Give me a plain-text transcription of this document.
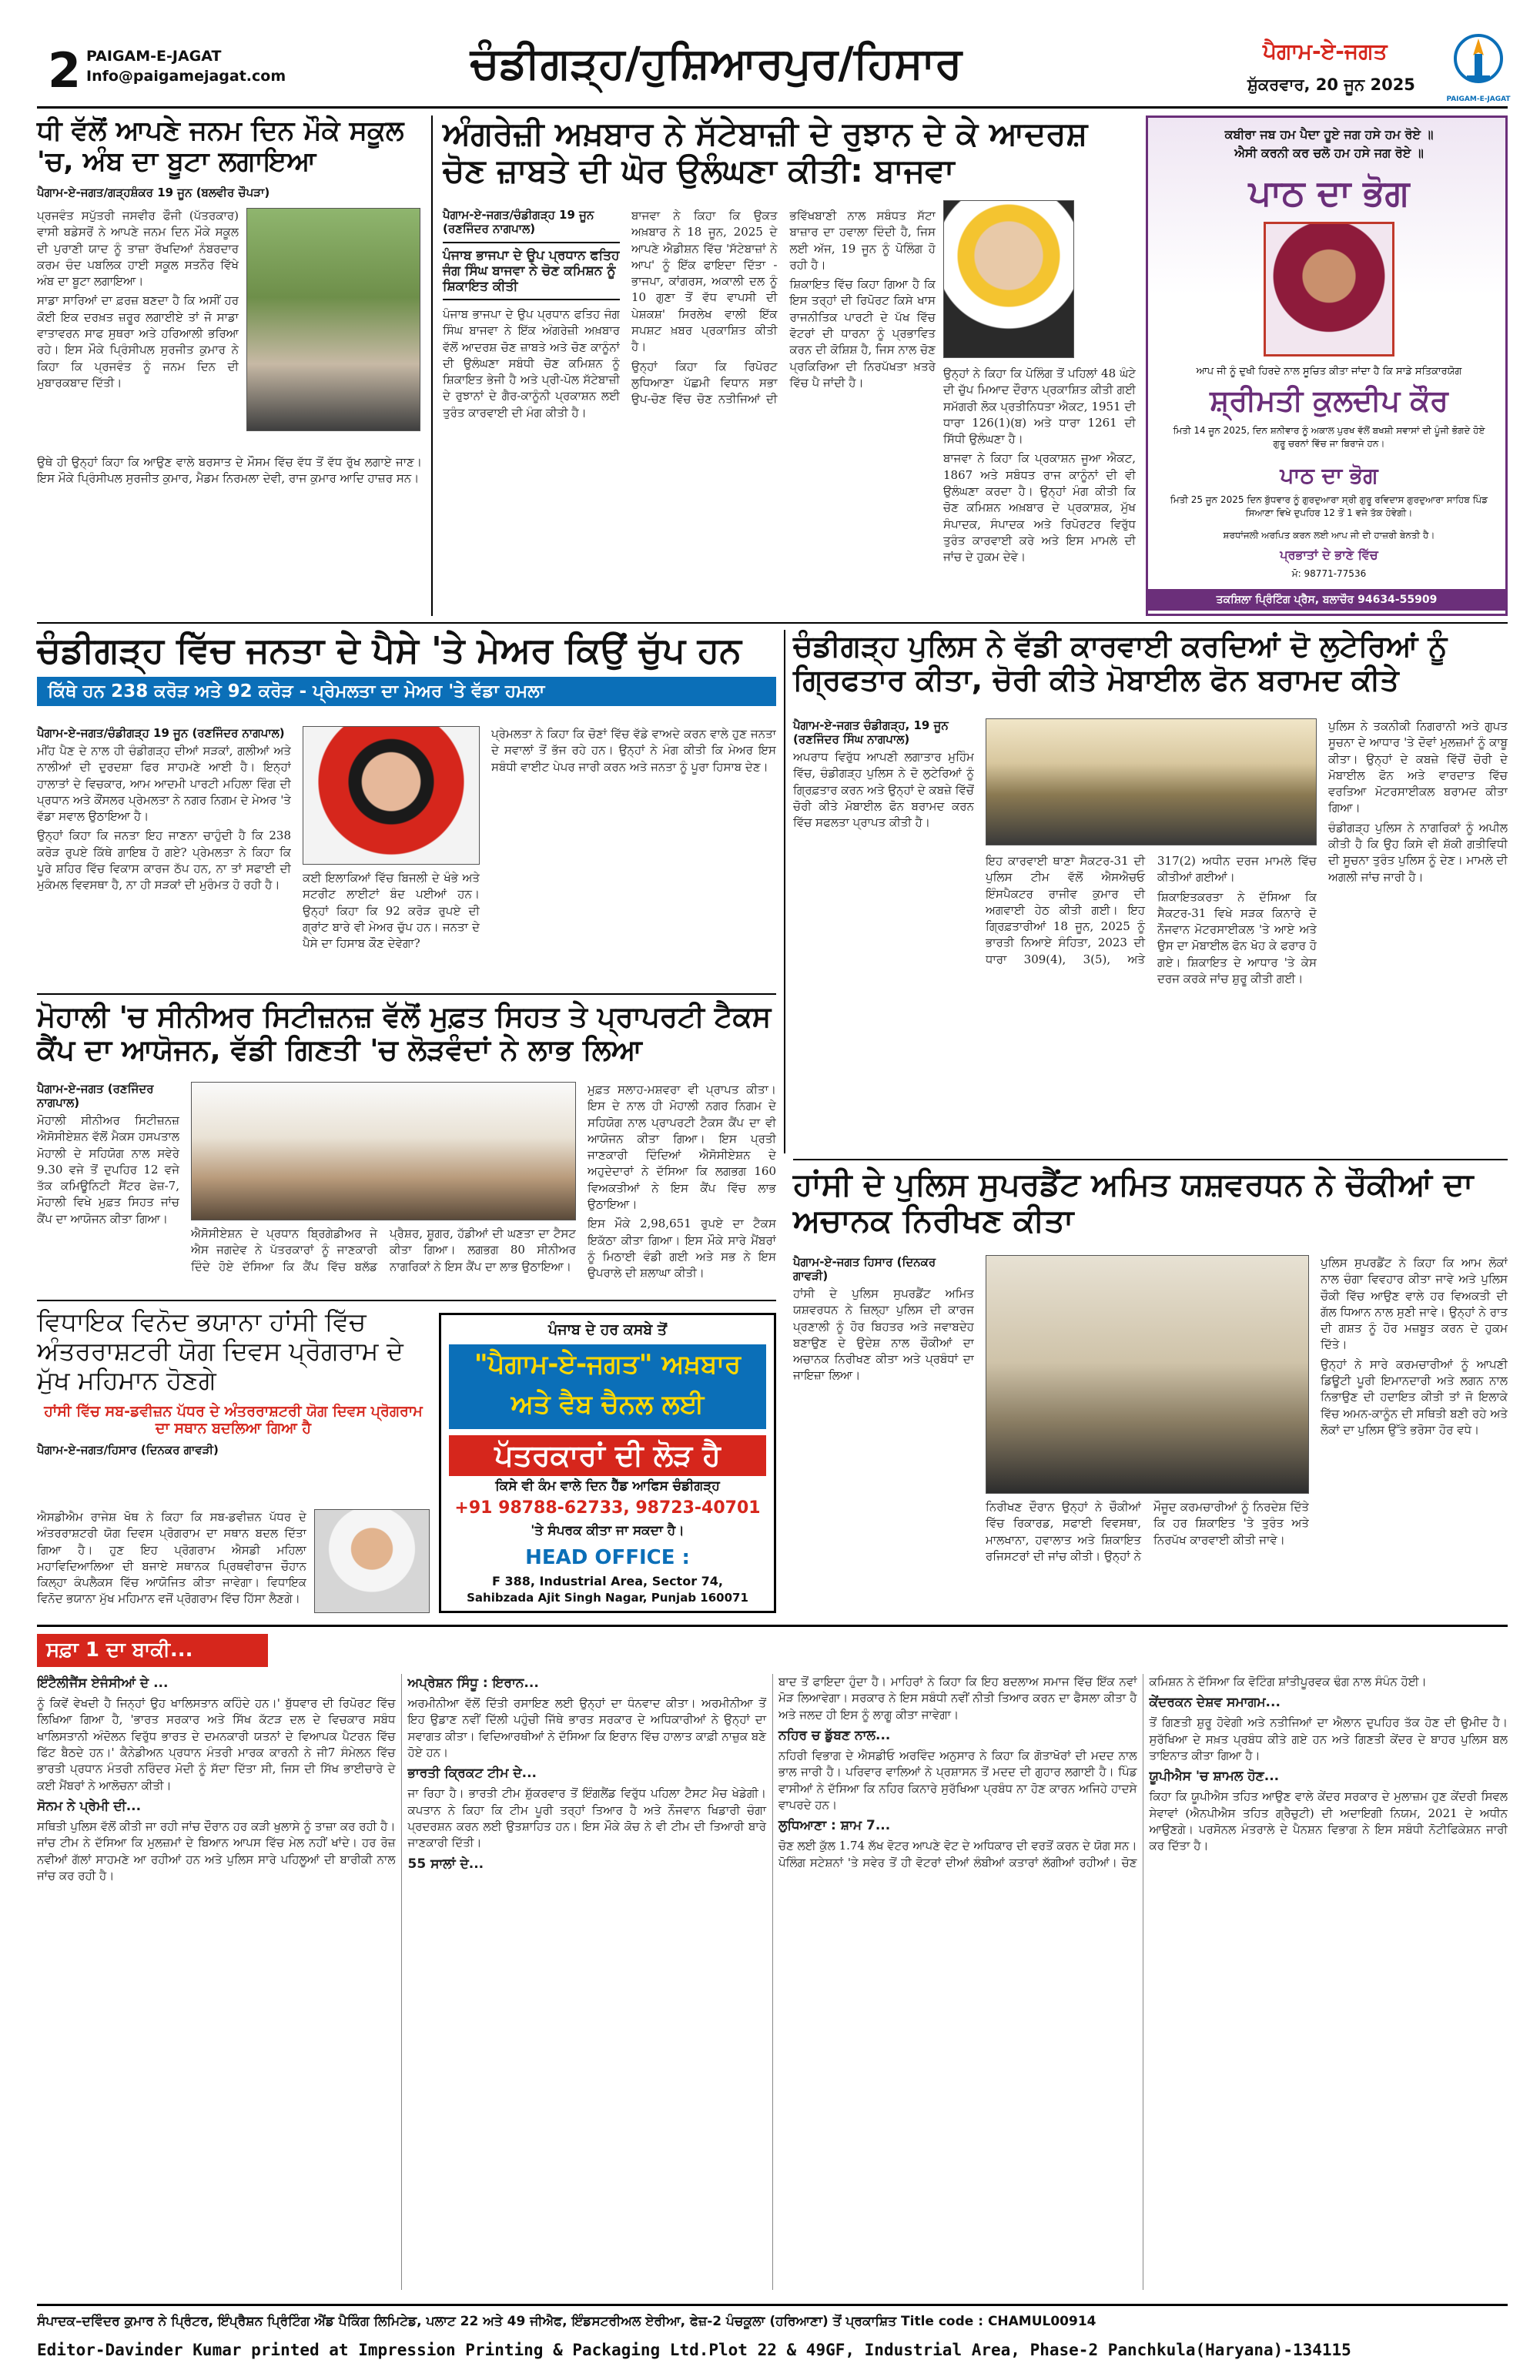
2 PAIGAM-E-JAGAT
Info@paigamejagat.com	ਚੰਡੀਗੜ੍ਹ/ਹੁਸ਼ਿਆਰਪੁਰ/ਹਿਸਾਰ	ਪੈਗਾਮ-ਏ-ਜਗਤ
PAIGAM-E-JAGAT
ਸ਼ੁੱਕਰਵਾਰ, 20 ਜੂਨ 2025
ਧੀ ਵੱਲੋਂ ਆਪਣੇ ਜਨਮ ਦਿਨ ਮੌਕੇ ਸਕੂਲ 'ਚ, ਅੰਬ ਦਾ ਬੂਟਾ ਲਗਾਇਆ
ਪੈਗਾਮ-ਏ-ਜਗਤ/ਗੜ੍ਹਸ਼ੰਕਰ 19 ਜੂਨ (ਬਲਵੀਰ ਚੌਪੜਾ)

ਪ੍ਰਜਵੰਤ ਸਪੁੱਤਰੀ ਜਸਵੀਰ ਫੌਜੀ (ਪੱਤਰਕਾਰ) ਵਾਸੀ ਬਡੇਸਰੋਂ ਨੇ ਆਪਣੇ ਜਨਮ ਦਿਨ ਮੌਕੇ ਸਕੂਲ ਦੀ ਪੁਰਾਣੀ ਯਾਦ ਨੂੰ ਤਾਜ਼ਾ ਰੱਖਦਿਆਂ ਨੰਬਰਦਾਰ ਕਰਮ ਚੰਦ ਪਬਲਿਕ ਹਾਈ ਸਕੂਲ ਸਤਨੌਰ ਵਿੱਖੇ ਅੰਬ ਦਾ ਬੂਟਾ ਲਗਾਇਆ।

ਸਾਡਾ ਸਾਰਿਆਂ ਦਾ ਫ਼ਰਜ਼ ਬਣਦਾ ਹੈ ਕਿ ਅਸੀਂ ਹਰ ਕੋਈ ਇਕ ਦਰਖ਼ਤ ਜ਼ਰੂਰ ਲਗਾਈਏ ਤਾਂ ਜੋ ਸਾਡਾ ਵਾਤਾਵਰਨ ਸਾਫ ਸੁਥਰਾ ਅਤੇ ਹਰਿਆਲੀ ਭਰਿਆ ਰਹੇ। ਇਸ ਮੌਕੇ ਪ੍ਰਿੰਸੀਪਲ ਸੁਰਜੀਤ ਕੁਮਾਰ ਨੇ ਕਿਹਾ ਕਿ ਪ੍ਰਜਵੰਤ ਨੂੰ ਜਨਮ ਦਿਨ ਦੀ ਮੁਬਾਰਕਬਾਦ ਦਿੱਤੀ।

ਉਥੇ ਹੀ ਉਨ੍ਹਾਂ ਕਿਹਾ ਕਿ ਆਉਣ ਵਾਲੇ ਬਰਸਾਤ ਦੇ ਮੌਸਮ ਵਿੱਚ ਵੱਧ ਤੋਂ ਵੱਧ ਰੁੱਖ ਲਗਾਏ ਜਾਣ। ਇਸ ਮੌਕੇ ਪ੍ਰਿੰਸੀਪਲ ਸੁਰਜੀਤ ਕੁਮਾਰ, ਮੈਡਮ ਨਿਰਮਲਾ ਦੇਵੀ, ਰਾਜ ਕੁਮਾਰ ਆਦਿ ਹਾਜ਼ਰ ਸਨ।

ਅੰਗਰੇਜ਼ੀ ਅਖ਼ਬਾਰ ਨੇ ਸੱਟੇਬਾਜ਼ੀ ਦੇ ਰੁਝਾਨ ਦੇ ਕੇ ਆਦਰਸ਼ ਚੋਣ ਜ਼ਾਬਤੇ ਦੀ ਘੋਰ ਉਲੰਘਣਾ ਕੀਤੀ: ਬਾਜਵਾ
ਪੈਗਾਮ-ਏ-ਜਗਤ/ਚੰਡੀਗੜ੍ਹ 19 ਜੂਨ (ਰਣਜਿੰਦਰ ਨਾਗਪਾਲ)
ਪੰਜਾਬ ਭਾਜਪਾ ਦੇ ਉਪ ਪ੍ਰਧਾਨ ਫਤਿਹ ਜੰਗ ਸਿੰਘ ਬਾਜਵਾ ਨੇ ਚੋਣ ਕਮਿਸ਼ਨ ਨੂੰ ਸ਼ਿਕਾਇਤ ਕੀਤੀ

ਪੰਜਾਬ ਭਾਜਪਾ ਦੇ ਉਪ ਪ੍ਰਧਾਨ ਫਤਿਹ ਜੰਗ ਸਿੰਘ ਬਾਜਵਾ ਨੇ ਇੱਕ ਅੰਗਰੇਜ਼ੀ ਅਖ਼ਬਾਰ ਵੱਲੋਂ ਆਦਰਸ਼ ਚੋਣ ਜ਼ਾਬਤੇ ਅਤੇ ਚੋਣ ਕਾਨੂੰਨਾਂ ਦੀ ਉਲੰਘਣਾ ਸਬੰਧੀ ਚੋਣ ਕਮਿਸ਼ਨ ਨੂੰ ਸ਼ਿਕਾਇਤ ਭੇਜੀ ਹੈ ਅਤੇ ਪ੍ਰੀ-ਪੋਲ ਸੱਟੇਬਾਜ਼ੀ ਦੇ ਰੁਝਾਨਾਂ ਦੇ ਗੈਰ-ਕਾਨੂੰਨੀ ਪ੍ਰਕਾਸ਼ਨ ਲਈ ਤੁਰੰਤ ਕਾਰਵਾਈ ਦੀ ਮੰਗ ਕੀਤੀ ਹੈ।

ਬਾਜਵਾ ਨੇ ਕਿਹਾ ਕਿ ਉਕਤ ਅਖ਼ਬਾਰ ਨੇ 18 ਜੂਨ, 2025 ਦੇ ਆਪਣੇ ਐਡੀਸ਼ਨ ਵਿੱਚ 'ਸੱਟੇਬਾਜ਼ਾਂ ਨੇ ਆਪ' ਨੂੰ ਇੱਕ ਫਾਇਦਾ ਦਿੱਤਾ - ਭਾਜਪਾ, ਕਾਂਗਰਸ, ਅਕਾਲੀ ਦਲ ਨੂੰ 10 ਗੁਣਾ ਤੋਂ ਵੱਧ ਵਾਪਸੀ ਦੀ ਪੇਸ਼ਕਸ਼' ਸਿਰਲੇਖ ਵਾਲੀ ਇੱਕ ਸਪਸ਼ਟ ਖ਼ਬਰ ਪ੍ਰਕਾਸ਼ਿਤ ਕੀਤੀ ਹੈ।

ਉਨ੍ਹਾਂ ਕਿਹਾ ਕਿ ਰਿਪੋਰਟ ਲੁਧਿਆਣਾ ਪੱਛਮੀ ਵਿਧਾਨ ਸਭਾ ਉਪ-ਚੋਣ ਵਿੱਚ ਚੋਣ ਨਤੀਜਿਆਂ ਦੀ ਭਵਿੱਖਬਾਣੀ ਨਾਲ ਸਬੰਧਤ ਸੱਟਾ ਬਾਜ਼ਾਰ ਦਾ ਹਵਾਲਾ ਦਿੰਦੀ ਹੈ, ਜਿਸ ਲਈ ਅੱਜ, 19 ਜੂਨ ਨੂੰ ਪੋਲਿੰਗ ਹੋ ਰਹੀ ਹੈ।

ਸ਼ਿਕਾਇਤ ਵਿੱਚ ਕਿਹਾ ਗਿਆ ਹੈ ਕਿ ਇਸ ਤਰ੍ਹਾਂ ਦੀ ਰਿਪੋਰਟ ਕਿਸੇ ਖਾਸ ਰਾਜਨੀਤਿਕ ਪਾਰਟੀ ਦੇ ਪੱਖ ਵਿੱਚ ਵੋਟਰਾਂ ਦੀ ਧਾਰਨਾ ਨੂੰ ਪ੍ਰਭਾਵਿਤ ਕਰਨ ਦੀ ਕੋਸ਼ਿਸ਼ ਹੈ, ਜਿਸ ਨਾਲ ਚੋਣ ਪ੍ਰਕਿਰਿਆ ਦੀ ਨਿਰਪੱਖਤਾ ਖ਼ਤਰੇ ਵਿੱਚ ਪੈ ਜਾਂਦੀ ਹੈ।

ਉਨ੍ਹਾਂ ਨੇ ਕਿਹਾ ਕਿ ਪੋਲਿੰਗ ਤੋਂ ਪਹਿਲਾਂ 48 ਘੰਟੇ ਦੀ ਚੁੱਪ ਮਿਆਦ ਦੌਰਾਨ ਪ੍ਰਕਾਸ਼ਿਤ ਕੀਤੀ ਗਈ ਸਮੱਗਰੀ ਲੋਕ ਪ੍ਰਤੀਨਿਧਤਾ ਐਕਟ, 1951 ਦੀ ਧਾਰਾ 126(1)(ਬ) ਅਤੇ ਧਾਰਾ 1261 ਦੀ ਸਿੱਧੀ ਉਲੰਘਣਾ ਹੈ।

ਬਾਜਵਾ ਨੇ ਕਿਹਾ ਕਿ ਪ੍ਰਕਾਸ਼ਨ ਜੂਆ ਐਕਟ, 1867 ਅਤੇ ਸਬੰਧਤ ਰਾਜ ਕਾਨੂੰਨਾਂ ਦੀ ਵੀ ਉਲੰਘਣਾ ਕਰਦਾ ਹੈ। ਉਨ੍ਹਾਂ ਮੰਗ ਕੀਤੀ ਕਿ ਚੋਣ ਕਮਿਸ਼ਨ ਅਖ਼ਬਾਰ ਦੇ ਪ੍ਰਕਾਸ਼ਕ, ਮੁੱਖ ਸੰਪਾਦਕ, ਸੰਪਾਦਕ ਅਤੇ ਰਿਪੋਰਟਰ ਵਿਰੁੱਧ ਤੁਰੰਤ ਕਾਰਵਾਈ ਕਰੇ ਅਤੇ ਇਸ ਮਾਮਲੇ ਦੀ ਜਾਂਚ ਦੇ ਹੁਕਮ ਦੇਵੇ।

ਕਬੀਰਾ ਜਬ ਹਮ ਪੈਦਾ ਹੂਏ ਜਗ ਹਸੇ ਹਮ ਰੋਏ ॥
ਐਸੀ ਕਰਨੀ ਕਰ ਚਲੋ ਹਮ ਹਸੇ ਜਗ ਰੋਏ ॥
ਪਾਠ ਦਾ ਭੋਗ
ਆਪ ਜੀ ਨੂੰ ਦੁਖੀ ਹਿਰਦੇ ਨਾਲ ਸੂਚਿਤ ਕੀਤਾ ਜਾਂਦਾ ਹੈ ਕਿ ਸਾਡੇ ਸਤਿਕਾਰਯੋਗ
ਸ਼੍ਰੀਮਤੀ ਕੁਲਦੀਪ ਕੌਰ
ਮਿਤੀ 14 ਜੂਨ 2025, ਦਿਨ ਸ਼ਨੀਵਾਰ ਨੂੰ ਅਕਾਲ ਪੁਰਖ ਵੱਲੋਂ ਬਖਸ਼ੀ ਸਵਾਸਾਂ ਦੀ ਪੂੰਜੀ ਭੋਗਦੇ ਹੋਏ ਗੁਰੂ ਚਰਨਾਂ ਵਿੱਚ ਜਾ ਬਿਰਾਜੇ ਹਨ।
ਪਾਠ ਦਾ ਭੋਗ
ਮਿਤੀ 25 ਜੂਨ 2025 ਦਿਨ ਬੁੱਧਵਾਰ ਨੂੰ ਗੁਰਦੁਆਰਾ ਸ੍ਰੀ ਗੁਰੂ ਰਵਿਦਾਸ ਗੁਰਦੁਆਰਾ ਸਾਹਿਬ ਪਿੰਡ ਸਿਆਣਾ ਵਿਖੇ ਦੁਪਹਿਰ 12 ਤੋਂ 1 ਵਜੇ ਤੱਕ ਹੋਵੇਗੀ।
ਸ਼ਰਧਾਂਜਲੀ ਅਰਪਿਤ ਕਰਨ ਲਈ ਆਪ ਜੀ ਦੀ ਹਾਜ਼ਰੀ ਬੇਨਤੀ ਹੈ।
ਪ੍ਰਭਾਤਾਂ ਦੇ ਭਾਣੇ ਵਿੱਚ
ਮੋ: 98771-77536
ਤਕਸ਼ਿਲਾ ਪ੍ਰਿੰਟਿੰਗ ਪ੍ਰੈਸ, ਬਲਾਚੌਰ 94634-55909
ਚੰਡੀਗੜ੍ਹ ਵਿੱਚ ਜਨਤਾ ਦੇ ਪੈਸੇ 'ਤੇ ਮੇਅਰ ਕਿਉਂ ਚੁੱਪ ਹਨ
ਕਿੱਥੇ ਹਨ 238 ਕਰੋੜ ਅਤੇ 92 ਕਰੋੜ - ਪ੍ਰੇਮਲਤਾ ਦਾ ਮੇਅਰ 'ਤੇ ਵੱਡਾ ਹਮਲਾ
ਪੈਗਾਮ-ਏ-ਜਗਤ/ਚੰਡੀਗੜ੍ਹ 19 ਜੂਨ (ਰਣਜਿੰਦਰ ਨਾਗਪਾਲ)

ਮੀਂਹ ਪੈਣ ਦੇ ਨਾਲ ਹੀ ਚੰਡੀਗੜ੍ਹ ਦੀਆਂ ਸੜਕਾਂ, ਗਲੀਆਂ ਅਤੇ ਨਾਲੀਆਂ ਦੀ ਦੁਰਦਸ਼ਾ ਫਿਰ ਸਾਹਮਣੇ ਆਈ ਹੈ। ਇਨ੍ਹਾਂ ਹਾਲਾਤਾਂ ਦੇ ਵਿਚਕਾਰ, ਆਮ ਆਦਮੀ ਪਾਰਟੀ ਮਹਿਲਾ ਵਿੰਗ ਦੀ ਪ੍ਰਧਾਨ ਅਤੇ ਕੌਂਸਲਰ ਪ੍ਰੇਮਲਤਾ ਨੇ ਨਗਰ ਨਿਗਮ ਦੇ ਮੇਅਰ 'ਤੇ ਵੱਡਾ ਸਵਾਲ ਉਠਾਇਆ ਹੈ।

ਉਨ੍ਹਾਂ ਕਿਹਾ ਕਿ ਜਨਤਾ ਇਹ ਜਾਣਨਾ ਚਾਹੁੰਦੀ ਹੈ ਕਿ 238 ਕਰੋੜ ਰੁਪਏ ਕਿੱਥੇ ਗਾਇਬ ਹੋ ਗਏ? ਪ੍ਰੇਮਲਤਾ ਨੇ ਕਿਹਾ ਕਿ ਪੂਰੇ ਸ਼ਹਿਰ ਵਿੱਚ ਵਿਕਾਸ ਕਾਰਜ ਠੱਪ ਹਨ, ਨਾ ਤਾਂ ਸਫਾਈ ਦੀ ਮੁਕੰਮਲ ਵਿਵਸਥਾ ਹੈ, ਨਾ ਹੀ ਸੜਕਾਂ ਦੀ ਮੁਰੰਮਤ ਹੋ ਰਹੀ ਹੈ।

ਕਈ ਇਲਾਕਿਆਂ ਵਿੱਚ ਬਿਜਲੀ ਦੇ ਖੰਭੇ ਅਤੇ ਸਟਰੀਟ ਲਾਈਟਾਂ ਬੰਦ ਪਈਆਂ ਹਨ। ਉਨ੍ਹਾਂ ਕਿਹਾ ਕਿ 92 ਕਰੋੜ ਰੁਪਏ ਦੀ ਗ੍ਰਾਂਟ ਬਾਰੇ ਵੀ ਮੇਅਰ ਚੁੱਪ ਹਨ। ਜਨਤਾ ਦੇ ਪੈਸੇ ਦਾ ਹਿਸਾਬ ਕੌਣ ਦੇਵੇਗਾ?

ਪ੍ਰੇਮਲਤਾ ਨੇ ਕਿਹਾ ਕਿ ਚੋਣਾਂ ਵਿੱਚ ਵੱਡੇ ਵਾਅਦੇ ਕਰਨ ਵਾਲੇ ਹੁਣ ਜਨਤਾ ਦੇ ਸਵਾਲਾਂ ਤੋਂ ਭੱਜ ਰਹੇ ਹਨ। ਉਨ੍ਹਾਂ ਨੇ ਮੰਗ ਕੀਤੀ ਕਿ ਮੇਅਰ ਇਸ ਸਬੰਧੀ ਵਾਈਟ ਪੇਪਰ ਜਾਰੀ ਕਰਨ ਅਤੇ ਜਨਤਾ ਨੂੰ ਪੂਰਾ ਹਿਸਾਬ ਦੇਣ।

ਚੰਡੀਗੜ੍ਹ ਪੁਲਿਸ ਨੇ ਵੱਡੀ ਕਾਰਵਾਈ ਕਰਦਿਆਂ ਦੋ ਲੁਟੇਰਿਆਂ ਨੂੰ ਗ੍ਰਿਫਤਾਰ ਕੀਤਾ, ਚੋਰੀ ਕੀਤੇ ਮੋਬਾਈਲ ਫੋਨ ਬਰਾਮਦ ਕੀਤੇ
ਪੈਗਾਮ-ਏ-ਜਗਤ ਚੰਡੀਗੜ੍ਹ, 19 ਜੂਨ (ਰਣਜਿੰਦਰ ਸਿੰਘ ਨਾਗਪਾਲ)

ਅਪਰਾਧ ਵਿਰੁੱਧ ਆਪਣੀ ਲਗਾਤਾਰ ਮੁਹਿੰਮ ਵਿੱਚ, ਚੰਡੀਗੜ੍ਹ ਪੁਲਿਸ ਨੇ ਦੋ ਲੁਟੇਰਿਆਂ ਨੂੰ ਗ੍ਰਿਫ਼ਤਾਰ ਕਰਨ ਅਤੇ ਉਨ੍ਹਾਂ ਦੇ ਕਬਜ਼ੇ ਵਿੱਚੋਂ ਚੋਰੀ ਕੀਤੇ ਮੋਬਾਈਲ ਫੋਨ ਬਰਾਮਦ ਕਰਨ ਵਿੱਚ ਸਫਲਤਾ ਪ੍ਰਾਪਤ ਕੀਤੀ ਹੈ।

ਇਹ ਕਾਰਵਾਈ ਥਾਣਾ ਸੈਕਟਰ-31 ਦੀ ਪੁਲਿਸ ਟੀਮ ਵੱਲੋਂ ਐਸਐਚਓ ਇੰਸਪੈਕਟਰ ਰਾਜੀਵ ਕੁਮਾਰ ਦੀ ਅਗਵਾਈ ਹੇਠ ਕੀਤੀ ਗਈ। ਇਹ ਗ੍ਰਿਫ਼ਤਾਰੀਆਂ 18 ਜੂਨ, 2025 ਨੂੰ ਭਾਰਤੀ ਨਿਆਏ ਸੰਹਿਤਾ, 2023 ਦੀ ਧਾਰਾ 309(4), 3(5), ਅਤੇ 317(2) ਅਧੀਨ ਦਰਜ ਮਾਮਲੇ ਵਿੱਚ ਕੀਤੀਆਂ ਗਈਆਂ।

ਸ਼ਿਕਾਇਤਕਰਤਾ ਨੇ ਦੱਸਿਆ ਕਿ ਸੈਕਟਰ-31 ਵਿਖੇ ਸੜਕ ਕਿਨਾਰੇ ਦੋ ਨੌਜਵਾਨ ਮੋਟਰਸਾਈਕਲ 'ਤੇ ਆਏ ਅਤੇ ਉਸ ਦਾ ਮੋਬਾਈਲ ਫੋਨ ਖੋਹ ਕੇ ਫਰਾਰ ਹੋ ਗਏ। ਸ਼ਿਕਾਇਤ ਦੇ ਆਧਾਰ 'ਤੇ ਕੇਸ ਦਰਜ ਕਰਕੇ ਜਾਂਚ ਸ਼ੁਰੂ ਕੀਤੀ ਗਈ।

ਪੁਲਿਸ ਨੇ ਤਕਨੀਕੀ ਨਿਗਰਾਨੀ ਅਤੇ ਗੁਪਤ ਸੂਚਨਾ ਦੇ ਆਧਾਰ 'ਤੇ ਦੋਵਾਂ ਮੁਲਜ਼ਮਾਂ ਨੂੰ ਕਾਬੂ ਕੀਤਾ। ਉਨ੍ਹਾਂ ਦੇ ਕਬਜ਼ੇ ਵਿੱਚੋਂ ਚੋਰੀ ਦੇ ਮੋਬਾਈਲ ਫੋਨ ਅਤੇ ਵਾਰਦਾਤ ਵਿੱਚ ਵਰਤਿਆ ਮੋਟਰਸਾਈਕਲ ਬਰਾਮਦ ਕੀਤਾ ਗਿਆ।

ਚੰਡੀਗੜ੍ਹ ਪੁਲਿਸ ਨੇ ਨਾਗਰਿਕਾਂ ਨੂੰ ਅਪੀਲ ਕੀਤੀ ਹੈ ਕਿ ਉਹ ਕਿਸੇ ਵੀ ਸ਼ੱਕੀ ਗਤੀਵਿਧੀ ਦੀ ਸੂਚਨਾ ਤੁਰੰਤ ਪੁਲਿਸ ਨੂੰ ਦੇਣ। ਮਾਮਲੇ ਦੀ ਅਗਲੀ ਜਾਂਚ ਜਾਰੀ ਹੈ।

ਮੋਹਾਲੀ 'ਚ ਸੀਨੀਅਰ ਸਿਟੀਜ਼ਨਜ਼ ਵੱਲੋਂ ਮੁਫ਼ਤ ਸਿਹਤ ਤੇ ਪ੍ਰਾਪਰਟੀ ਟੈਕਸ ਕੈਂਪ ਦਾ ਆਯੋਜਨ, ਵੱਡੀ ਗਿਣਤੀ 'ਚ ਲੋੜਵੰਦਾਂ ਨੇ ਲਾਭ ਲਿਆ
ਪੈਗਾਮ-ਏ-ਜਗਤ (ਰਣਜਿੰਦਰ ਨਾਗਪਾਲ)

ਮੋਹਾਲੀ ਸੀਨੀਅਰ ਸਿਟੀਜ਼ਨਜ਼ ਐਸੋਸੀਏਸ਼ਨ ਵੱਲੋਂ ਮੈਕਸ ਹਸਪਤਾਲ ਮੋਹਾਲੀ ਦੇ ਸਹਿਯੋਗ ਨਾਲ ਸਵੇਰੇ 9.30 ਵਜੇ ਤੋਂ ਦੁਪਹਿਰ 12 ਵਜੇ ਤੱਕ ਕਮਿਊਨਿਟੀ ਸੈਂਟਰ ਫੇਜ਼-7, ਮੋਹਾਲੀ ਵਿਖੇ ਮੁਫ਼ਤ ਸਿਹਤ ਜਾਂਚ ਕੈਂਪ ਦਾ ਆਯੋਜਨ ਕੀਤਾ ਗਿਆ।

ਐਸੋਸੀਏਸ਼ਨ ਦੇ ਪ੍ਰਧਾਨ ਬ੍ਰਿਗੇਡੀਅਰ ਜੇ ਐਸ ਜਗਦੇਵ ਨੇ ਪੱਤਰਕਾਰਾਂ ਨੂੰ ਜਾਣਕਾਰੀ ਦਿੰਦੇ ਹੋਏ ਦੱਸਿਆ ਕਿ ਕੈਂਪ ਵਿੱਚ ਬਲੱਡ ਪ੍ਰੈਸ਼ਰ, ਸ਼ੂਗਰ, ਹੱਡੀਆਂ ਦੀ ਘਣਤਾ ਦਾ ਟੈਸਟ ਕੀਤਾ ਗਿਆ। ਲਗਭਗ 80 ਸੀਨੀਅਰ ਨਾਗਰਿਕਾਂ ਨੇ ਇਸ ਕੈਂਪ ਦਾ ਲਾਭ ਉਠਾਇਆ।

ਮੁਫ਼ਤ ਸਲਾਹ-ਮਸ਼ਵਰਾ ਵੀ ਪ੍ਰਾਪਤ ਕੀਤਾ। ਇਸ ਦੇ ਨਾਲ ਹੀ ਮੋਹਾਲੀ ਨਗਰ ਨਿਗਮ ਦੇ ਸਹਿਯੋਗ ਨਾਲ ਪ੍ਰਾਪਰਟੀ ਟੈਕਸ ਕੈਂਪ ਦਾ ਵੀ ਆਯੋਜਨ ਕੀਤਾ ਗਿਆ। ਇਸ ਪ੍ਰਤੀ ਜਾਣਕਾਰੀ ਦਿੰਦਿਆਂ ਐਸੋਸੀਏਸ਼ਨ ਦੇ ਅਹੁਦੇਦਾਰਾਂ ਨੇ ਦੱਸਿਆ ਕਿ ਲਗਭਗ 160 ਵਿਅਕਤੀਆਂ ਨੇ ਇਸ ਕੈਂਪ ਵਿੱਚ ਲਾਭ ਉਠਾਇਆ।

ਇਸ ਮੌਕੇ 2,98,651 ਰੁਪਏ ਦਾ ਟੈਕਸ ਇਕੱਠਾ ਕੀਤਾ ਗਿਆ। ਇਸ ਮੌਕੇ ਸਾਰੇ ਮੈਂਬਰਾਂ ਨੂੰ ਮਿਠਾਈ ਵੰਡੀ ਗਈ ਅਤੇ ਸਭ ਨੇ ਇਸ ਉਪਰਾਲੇ ਦੀ ਸ਼ਲਾਘਾ ਕੀਤੀ।

ਵਿਧਾਇਕ ਵਿਨੋਦ ਭਯਾਨਾ ਹਾਂਸੀ ਵਿੱਚ ਅੰਤਰਰਾਸ਼ਟਰੀ ਯੋਗ ਦਿਵਸ ਪ੍ਰੋਗਰਾਮ ਦੇ ਮੁੱਖ ਮਹਿਮਾਨ ਹੋਣਗੇ
ਹਾਂਸੀ ਵਿੱਚ ਸਬ-ਡਵੀਜ਼ਨ ਪੱਧਰ ਦੇ ਅੰਤਰਰਾਸ਼ਟਰੀ ਯੋਗ ਦਿਵਸ ਪ੍ਰੋਗਰਾਮ ਦਾ ਸਥਾਨ ਬਦਲਿਆ ਗਿਆ ਹੈ
ਪੈਗਾਮ-ਏ-ਜਗਤ/ਹਿਸਾਰ (ਦਿਨਕਰ ਗਾਵੜੀ)

ਐਸਡੀਐਮ ਰਾਜੇਸ਼ ਖੋਥ ਨੇ ਕਿਹਾ ਕਿ ਸਬ-ਡਵੀਜ਼ਨ ਪੱਧਰ ਦੇ ਅੰਤਰਰਾਸ਼ਟਰੀ ਯੋਗ ਦਿਵਸ ਪ੍ਰੋਗਰਾਮ ਦਾ ਸਥਾਨ ਬਦਲ ਦਿੱਤਾ ਗਿਆ ਹੈ। ਹੁਣ ਇਹ ਪ੍ਰੋਗਰਾਮ ਐਸਡੀ ਮਹਿਲਾ ਮਹਾਵਿਦਿਆਲਿਆ ਦੀ ਬਜਾਏ ਸਥਾਨਕ ਪ੍ਰਿਥਵੀਰਾਜ ਚੌਹਾਨ ਕਿਲ੍ਹਾ ਕੰਪਲੈਕਸ ਵਿੱਚ ਆਯੋਜਿਤ ਕੀਤਾ ਜਾਵੇਗਾ। ਵਿਧਾਇਕ ਵਿਨੋਦ ਭਯਾਨਾ ਮੁੱਖ ਮਹਿਮਾਨ ਵਜੋਂ ਪ੍ਰੋਗਰਾਮ ਵਿੱਚ ਹਿੱਸਾ ਲੈਣਗੇ।

ਪੰਜਾਬ ਦੇ ਹਰ ਕਸਬੇ ਤੋਂ
"ਪੈਗਾਮ-ਏ-ਜਗਤ" ਅਖ਼ਬਾਰ
ਅਤੇ ਵੈਬ ਚੈਨਲ ਲਈ
ਪੱਤਰਕਾਰਾਂ ਦੀ ਲੋੜ ਹੈ
ਕਿਸੇ ਵੀ ਕੰਮ ਵਾਲੇ ਦਿਨ ਹੈੱਡ ਆਫਿਸ ਚੰਡੀਗੜ੍ਹ
+91 98788-62733, 98723-40701
'ਤੇ ਸੰਪਰਕ ਕੀਤਾ ਜਾ ਸਕਦਾ ਹੈ।
HEAD OFFICE :
F 388, Industrial Area, Sector 74,
Sahibzada Ajit Singh Nagar, Punjab 160071
ਹਾਂਸੀ ਦੇ ਪੁਲਿਸ ਸੁਪਰਡੈਂਟ ਅਮਿਤ ਯਸ਼ਵਰਧਨ ਨੇ ਚੌਕੀਆਂ ਦਾ ਅਚਾਨਕ ਨਿਰੀਖਣ ਕੀਤਾ
ਪੈਗਾਮ-ਏ-ਜਗਤ ਹਿਸਾਰ (ਦਿਨਕਰ ਗਾਵੜੀ)

ਹਾਂਸੀ ਦੇ ਪੁਲਿਸ ਸੁਪਰਡੈਂਟ ਅਮਿਤ ਯਸ਼ਵਰਧਨ ਨੇ ਜ਼ਿਲ੍ਹਾ ਪੁਲਿਸ ਦੀ ਕਾਰਜ ਪ੍ਰਣਾਲੀ ਨੂੰ ਹੋਰ ਬਿਹਤਰ ਅਤੇ ਜਵਾਬਦੇਹ ਬਣਾਉਣ ਦੇ ਉਦੇਸ਼ ਨਾਲ ਚੌਕੀਆਂ ਦਾ ਅਚਾਨਕ ਨਿਰੀਖਣ ਕੀਤਾ ਅਤੇ ਪ੍ਰਬੰਧਾਂ ਦਾ ਜਾਇਜ਼ਾ ਲਿਆ।

ਨਿਰੀਖਣ ਦੌਰਾਨ ਉਨ੍ਹਾਂ ਨੇ ਚੌਕੀਆਂ ਵਿੱਚ ਰਿਕਾਰਡ, ਸਫਾਈ ਵਿਵਸਥਾ, ਮਾਲਖਾਨਾ, ਹਵਾਲਾਤ ਅਤੇ ਸ਼ਿਕਾਇਤ ਰਜਿਸਟਰਾਂ ਦੀ ਜਾਂਚ ਕੀਤੀ। ਉਨ੍ਹਾਂ ਨੇ ਮੌਜੂਦ ਕਰਮਚਾਰੀਆਂ ਨੂੰ ਨਿਰਦੇਸ਼ ਦਿੱਤੇ ਕਿ ਹਰ ਸ਼ਿਕਾਇਤ 'ਤੇ ਤੁਰੰਤ ਅਤੇ ਨਿਰਪੱਖ ਕਾਰਵਾਈ ਕੀਤੀ ਜਾਵੇ।

ਪੁਲਿਸ ਸੁਪਰਡੈਂਟ ਨੇ ਕਿਹਾ ਕਿ ਆਮ ਲੋਕਾਂ ਨਾਲ ਚੰਗਾ ਵਿਵਹਾਰ ਕੀਤਾ ਜਾਵੇ ਅਤੇ ਪੁਲਿਸ ਚੌਕੀ ਵਿੱਚ ਆਉਣ ਵਾਲੇ ਹਰ ਵਿਅਕਤੀ ਦੀ ਗੱਲ ਧਿਆਨ ਨਾਲ ਸੁਣੀ ਜਾਵੇ। ਉਨ੍ਹਾਂ ਨੇ ਰਾਤ ਦੀ ਗਸ਼ਤ ਨੂੰ ਹੋਰ ਮਜ਼ਬੂਤ ਕਰਨ ਦੇ ਹੁਕਮ ਦਿੱਤੇ।

ਉਨ੍ਹਾਂ ਨੇ ਸਾਰੇ ਕਰਮਚਾਰੀਆਂ ਨੂੰ ਆਪਣੀ ਡਿਊਟੀ ਪੂਰੀ ਇਮਾਨਦਾਰੀ ਅਤੇ ਲਗਨ ਨਾਲ ਨਿਭਾਉਣ ਦੀ ਹਦਾਇਤ ਕੀਤੀ ਤਾਂ ਜੋ ਇਲਾਕੇ ਵਿੱਚ ਅਮਨ-ਕਾਨੂੰਨ ਦੀ ਸਥਿਤੀ ਬਣੀ ਰਹੇ ਅਤੇ ਲੋਕਾਂ ਦਾ ਪੁਲਿਸ ਉੱਤੇ ਭਰੋਸਾ ਹੋਰ ਵਧੇ।

ਸਫ਼ਾ 1 ਦਾ ਬਾਕੀ...

ਇੰਟੈਲੀਜੈਂਸ ਏਜੰਸੀਆਂ ਦੇ ...

ਨੂੰ ਕਿਵੇਂ ਵੇਖਦੀ ਹੈ ਜਿਨ੍ਹਾਂ ਉਹ ਖਾਲਿਸਤਾਨ ਕਹਿੰਦੇ ਹਨ।' ਬੁੱਧਵਾਰ ਦੀ ਰਿਪੋਰਟ ਵਿੱਚ ਲਿਖਿਆ ਗਿਆ ਹੈ, 'ਭਾਰਤ ਸਰਕਾਰ ਅਤੇ ਸਿੱਖ ਕੱਟੜ ਦਲ ਦੇ ਵਿਚਕਾਰ ਸਬੰਧ ਖਾਲਿਸਤਾਨੀ ਅੰਦੋਲਨ ਵਿਰੁੱਧ ਭਾਰਤ ਦੇ ਦਮਨਕਾਰੀ ਯਤਨਾਂ ਦੇ ਵਿਆਪਕ ਪੈਟਰਨ ਵਿੱਚ ਫਿੱਟ ਬੈਠਦੇ ਹਨ।' ਕੈਨੇਡੀਅਨ ਪ੍ਰਧਾਨ ਮੰਤਰੀ ਮਾਰਕ ਕਾਰਨੀ ਨੇ ਜੀ7 ਸੰਮੇਲਨ ਵਿੱਚ ਭਾਰਤੀ ਪ੍ਰਧਾਨ ਮੰਤਰੀ ਨਰਿੰਦਰ ਮੋਦੀ ਨੂੰ ਸੱਦਾ ਦਿੱਤਾ ਸੀ, ਜਿਸ ਦੀ ਸਿੱਖ ਭਾਈਚਾਰੇ ਦੇ ਕਈ ਮੈਂਬਰਾਂ ਨੇ ਆਲੋਚਨਾ ਕੀਤੀ।

ਸੋਨਮ ਨੇ ਪ੍ਰੇਮੀ ਦੀ...

ਸਥਿਤੀ ਪੁਲਿਸ ਵੱਲੋਂ ਕੀਤੀ ਜਾ ਰਹੀ ਜਾਂਚ ਦੌਰਾਨ ਹਰ ਕੜੀ ਖੁਲਾਸੇ ਨੂੰ ਤਾਜ਼ਾ ਕਰ ਰਹੀ ਹੈ। ਜਾਂਚ ਟੀਮ ਨੇ ਦੱਸਿਆ ਕਿ ਮੁਲਜ਼ਮਾਂ ਦੇ ਬਿਆਨ ਆਪਸ ਵਿੱਚ ਮੇਲ ਨਹੀਂ ਖਾਂਦੇ। ਹਰ ਰੋਜ਼ ਨਵੀਆਂ ਗੱਲਾਂ ਸਾਹਮਣੇ ਆ ਰਹੀਆਂ ਹਨ ਅਤੇ ਪੁਲਿਸ ਸਾਰੇ ਪਹਿਲੂਆਂ ਦੀ ਬਾਰੀਕੀ ਨਾਲ ਜਾਂਚ ਕਰ ਰਹੀ ਹੈ।

ਅਪ੍ਰੇਸ਼ਨ ਸਿੰਧੂ : ਇਰਾਨ...

ਅਰਮੀਨੀਆ ਵੱਲੋਂ ਦਿੱਤੀ ਰਸਾਇਣ ਲਈ ਉਨ੍ਹਾਂ ਦਾ ਧੰਨਵਾਦ ਕੀਤਾ। ਅਰਮੀਨੀਆ ਤੋਂ ਇਹ ਉਡਾਣ ਨਵੀਂ ਦਿੱਲੀ ਪਹੁੰਚੀ ਜਿੱਥੇ ਭਾਰਤ ਸਰਕਾਰ ਦੇ ਅਧਿਕਾਰੀਆਂ ਨੇ ਉਨ੍ਹਾਂ ਦਾ ਸਵਾਗਤ ਕੀਤਾ। ਵਿਦਿਆਰਥੀਆਂ ਨੇ ਦੱਸਿਆ ਕਿ ਇਰਾਨ ਵਿੱਚ ਹਾਲਾਤ ਕਾਫ਼ੀ ਨਾਜ਼ੁਕ ਬਣੇ ਹੋਏ ਹਨ।

ਭਾਰਤੀ ਕ੍ਰਿਕਟ ਟੀਮ ਦੇ...

ਜਾ ਰਿਹਾ ਹੈ। ਭਾਰਤੀ ਟੀਮ ਸ਼ੁੱਕਰਵਾਰ ਤੋਂ ਇੰਗਲੈਂਡ ਵਿਰੁੱਧ ਪਹਿਲਾ ਟੈਸਟ ਮੈਚ ਖੇਡੇਗੀ। ਕਪਤਾਨ ਨੇ ਕਿਹਾ ਕਿ ਟੀਮ ਪੂਰੀ ਤਰ੍ਹਾਂ ਤਿਆਰ ਹੈ ਅਤੇ ਨੌਜਵਾਨ ਖਿਡਾਰੀ ਚੰਗਾ ਪ੍ਰਦਰਸ਼ਨ ਕਰਨ ਲਈ ਉਤਸ਼ਾਹਿਤ ਹਨ। ਇਸ ਮੌਕੇ ਕੋਚ ਨੇ ਵੀ ਟੀਮ ਦੀ ਤਿਆਰੀ ਬਾਰੇ ਜਾਣਕਾਰੀ ਦਿੱਤੀ।

55 ਸਾਲਾਂ ਦੇ...

ਬਾਦ ਤੋਂ ਫਾਇਦਾ ਹੁੰਦਾ ਹੈ। ਮਾਹਿਰਾਂ ਨੇ ਕਿਹਾ ਕਿ ਇਹ ਬਦਲਾਅ ਸਮਾਜ ਵਿੱਚ ਇੱਕ ਨਵਾਂ ਮੋੜ ਲਿਆਵੇਗਾ। ਸਰਕਾਰ ਨੇ ਇਸ ਸਬੰਧੀ ਨਵੀਂ ਨੀਤੀ ਤਿਆਰ ਕਰਨ ਦਾ ਫੈਸਲਾ ਕੀਤਾ ਹੈ ਅਤੇ ਜਲਦ ਹੀ ਇਸ ਨੂੰ ਲਾਗੂ ਕੀਤਾ ਜਾਵੇਗਾ।

ਨਹਿਰ ਚ ਡੁੱਬਣ ਨਾਲ...

ਨਹਿਰੀ ਵਿਭਾਗ ਦੇ ਐਸਡੀਓ ਅਰਵਿੰਦ ਅਨੁਸਾਰ ਨੇ ਕਿਹਾ ਕਿ ਗੋਤਾਖੋਰਾਂ ਦੀ ਮਦਦ ਨਾਲ ਭਾਲ ਜਾਰੀ ਹੈ। ਪਰਿਵਾਰ ਵਾਲਿਆਂ ਨੇ ਪ੍ਰਸ਼ਾਸਨ ਤੋਂ ਮਦਦ ਦੀ ਗੁਹਾਰ ਲਗਾਈ ਹੈ। ਪਿੰਡ ਵਾਸੀਆਂ ਨੇ ਦੱਸਿਆ ਕਿ ਨਹਿਰ ਕਿਨਾਰੇ ਸੁਰੱਖਿਆ ਪ੍ਰਬੰਧ ਨਾ ਹੋਣ ਕਾਰਨ ਅਜਿਹੇ ਹਾਦਸੇ ਵਾਪਰਦੇ ਹਨ।

ਲੁਧਿਆਣਾ : ਸ਼ਾਮ 7...

ਚੋਣ ਲਈ ਕੁੱਲ 1.74 ਲੱਖ ਵੋਟਰ ਆਪਣੇ ਵੋਟ ਦੇ ਅਧਿਕਾਰ ਦੀ ਵਰਤੋਂ ਕਰਨ ਦੇ ਯੋਗ ਸਨ। ਪੋਲਿੰਗ ਸਟੇਸ਼ਨਾਂ 'ਤੇ ਸਵੇਰ ਤੋਂ ਹੀ ਵੋਟਰਾਂ ਦੀਆਂ ਲੰਬੀਆਂ ਕਤਾਰਾਂ ਲੱਗੀਆਂ ਰਹੀਆਂ। ਚੋਣ ਕਮਿਸ਼ਨ ਨੇ ਦੱਸਿਆ ਕਿ ਵੋਟਿੰਗ ਸ਼ਾਂਤੀਪੂਰਵਕ ਢੰਗ ਨਾਲ ਸੰਪੰਨ ਹੋਈ।

ਕੇਂਦਰਕਨ ਦੇਸ਼ਵ ਸਮਾਗਮ...

ਤੋਂ ਗਿਣਤੀ ਸ਼ੁਰੂ ਹੋਵੇਗੀ ਅਤੇ ਨਤੀਜਿਆਂ ਦਾ ਐਲਾਨ ਦੁਪਹਿਰ ਤੱਕ ਹੋਣ ਦੀ ਉਮੀਦ ਹੈ। ਸੁਰੱਖਿਆ ਦੇ ਸਖ਼ਤ ਪ੍ਰਬੰਧ ਕੀਤੇ ਗਏ ਹਨ ਅਤੇ ਗਿਣਤੀ ਕੇਂਦਰ ਦੇ ਬਾਹਰ ਪੁਲਿਸ ਬਲ ਤਾਇਨਾਤ ਕੀਤਾ ਗਿਆ ਹੈ।

ਯੂਪੀਐਸ 'ਚ ਸ਼ਾਮਲ ਹੋਣ...

ਕਿਹਾ ਕਿ ਯੂਪੀਐਸ ਤਹਿਤ ਆਉਣ ਵਾਲੇ ਕੇਂਦਰ ਸਰਕਾਰ ਦੇ ਮੁਲਾਜ਼ਮ ਹੁਣ ਕੇਂਦਰੀ ਸਿਵਲ ਸੇਵਾਵਾਂ (ਐਨਪੀਐਸ ਤਹਿਤ ਗ੍ਰੈਚੁਟੀ) ਦੀ ਅਦਾਇਗੀ ਨਿਯਮ, 2021 ਦੇ ਅਧੀਨ ਆਉਣਗੇ। ਪਰਸੋਨਲ ਮੰਤਰਾਲੇ ਦੇ ਪੈਨਸ਼ਨ ਵਿਭਾਗ ਨੇ ਇਸ ਸਬੰਧੀ ਨੋਟੀਫਿਕੇਸ਼ਨ ਜਾਰੀ ਕਰ ਦਿੱਤਾ ਹੈ।

ਸੰਪਾਦਕ–ਦਵਿੰਦਰ ਕੁਮਾਰ ਨੇ ਪ੍ਰਿੰਟਰ, ਇੰਪ੍ਰੈਸ਼ਨ ਪ੍ਰਿੰਟਿੰਗ ਐਂਡ ਪੈਕਿੰਗ ਲਿਮਿਟੇਡ, ਪਲਾਟ 22 ਅਤੇ 49 ਜੀਐਫ, ਇੰਡਸਟਰੀਅਲ ਏਰੀਆ, ਫੇਜ਼-2 ਪੰਚਕੂਲਾ (ਹਰਿਆਣਾ) ਤੋਂ ਪ੍ਰਕਾਸ਼ਿਤ Title code : CHAMUL00914
Editor-Davinder Kumar printed at Impression Printing & Packaging Ltd.Plot 22 & 49GF, Industrial Area, Phase-2 Panchkula(Haryana)-134115
